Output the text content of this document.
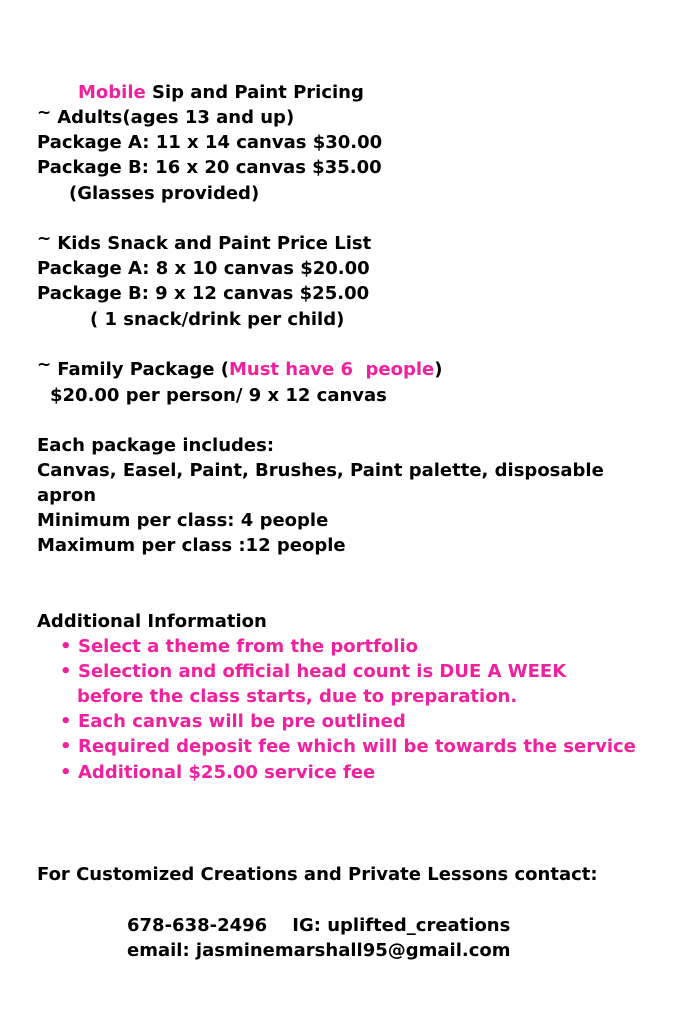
Mobile Sip and Paint Pricing
~ Adults(ages 13 and up)
Package A: 11 x 14 canvas $30.00
Package B: 16 x 20 canvas $35.00
(Glasses provided)
~ Kids Snack and Paint Price List
Package A: 8 x 10 canvas $20.00
Package B: 9 x 12 canvas $25.00
( 1 snack/drink per child)
~ Family Package (Must have 6  people)
$20.00 per person/ 9 x 12 canvas
Each package includes:
Canvas, Easel, Paint, Brushes, Paint palette, disposable
apron
Minimum per class: 4 people
Maximum per class :12 people
Additional Information
• Select a theme from the portfolio
• Selection and official head count is DUE A WEEK
before the class starts, due to preparation.
• Each canvas will be pre outlined
• Required deposit fee which will be towards the service
• Additional $25.00 service fee
For Customized Creations and Private Lessons contact:
678-638-2496 IG: uplifted_creations
email: jasminemarshall95@gmail.com
